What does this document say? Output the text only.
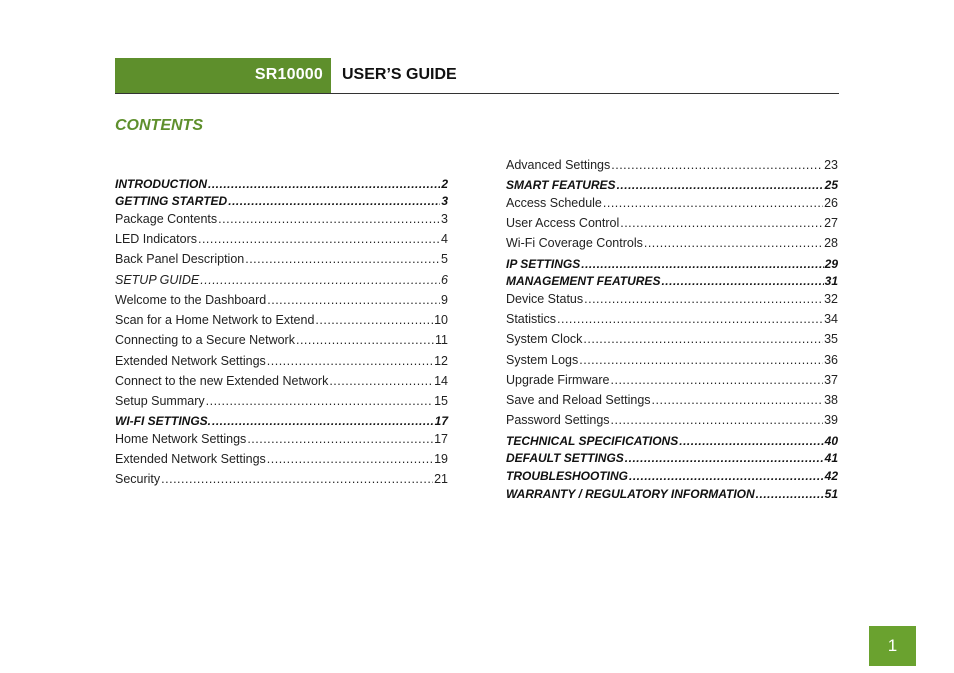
SR10000 USER’S GUIDE
CONTENTS
INTRODUCTION .....	2
GETTING STARTED .....	3
Package Contents .....	3
LED Indicators .....	4
Back Panel Description .....	5
SETUP GUIDE .....	6
Welcome to the Dashboard .....	9
Scan for a Home Network to Extend .....	10
Connecting to a Secure Network .....	11
Extended Network Settings .....	12
Connect to the new Extended Network .....	14
Setup Summary .....	15
WI-FI SETTINGS. .....	17
Home Network Settings .....	17
Extended Network Settings .....	19
Security .....	21
Advanced Settings .....	23
SMART FEATURES .....	25
Access Schedule .....	26
User Access Control .....	27
Wi-Fi Coverage Controls .....	28
IP SETTINGS .....	29
MANAGEMENT FEATURES .....	31
Device Status .....	32
Statistics .....	34
System Clock .....	35
System Logs .....	36
Upgrade Firmware .....	37
Save and Reload Settings .....	38
Password Settings .....	39
TECHNICAL SPECIFICATIONS .....	40
DEFAULT SETTINGS .....	41
TROUBLESHOOTING .....	42
WARRANTY / REGULATORY INFORMATION .....	51
1
